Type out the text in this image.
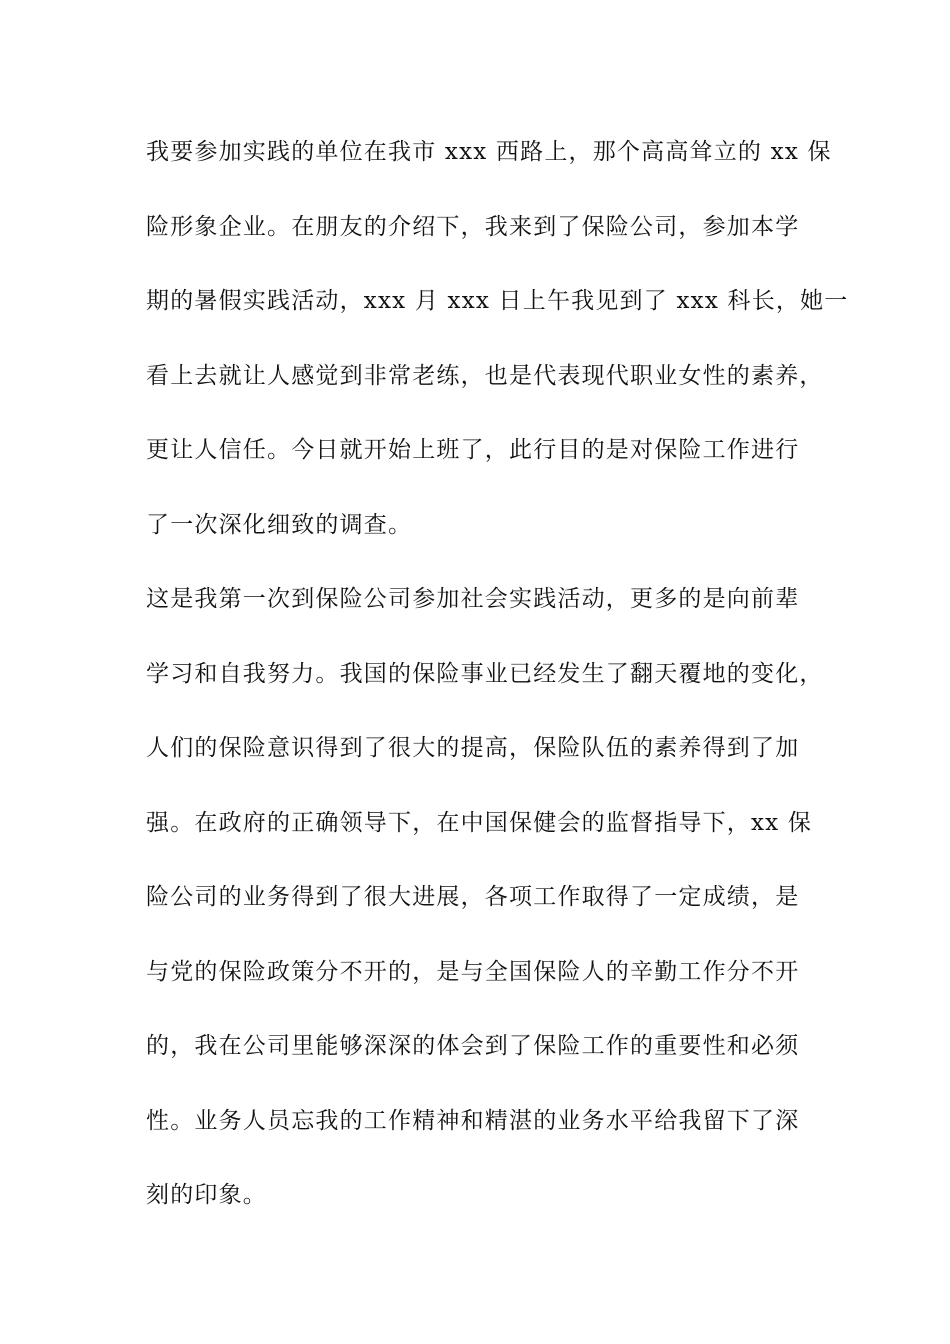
我要参加实践的单位在我市 xxx 西路上，那个高高耸立的 xx 保
险形象企业。在朋友的介绍下，我来到了保险公司，参加本学
期的暑假实践活动，xxx 月 xxx 日上午我见到了 xxx 科长，她一
看上去就让人感觉到非常老练，也是代表现代职业女性的素养，
更让人信任。今日就开始上班了，此行目的是对保险工作进行
了一次深化细致的调查。
这是我第一次到保险公司参加社会实践活动，更多的是向前辈
学习和自我努力。我国的保险事业已经发生了翻天覆地的变化，
人们的保险意识得到了很大的提高，保险队伍的素养得到了加
强。在政府的正确领导下，在中国保健会的监督指导下，xx 保
险公司的业务得到了很大进展，各项工作取得了一定成绩，是
与党的保险政策分不开的，是与全国保险人的辛勤工作分不开
的，我在公司里能够深深的体会到了保险工作的重要性和必须
性。业务人员忘我的工作精神和精湛的业务水平给我留下了深
刻的印象。
